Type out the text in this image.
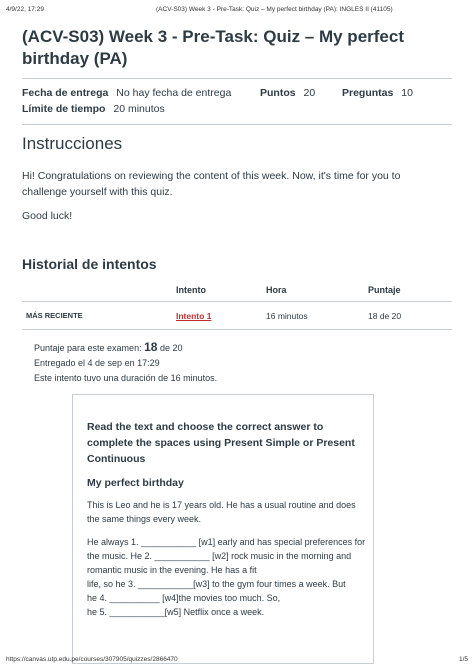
4/9/22, 17:29	(ACV-S03) Week 3 - Pre-Task: Quiz – My perfect birthday (PA): INGLES II (41105)
(ACV-S03) Week 3 - Pre-Task: Quiz – My perfect birthday (PA)
Fecha de entrega No hay fecha de entrega	Puntos 20	Preguntas 10
Límite de tiempo 20 minutos
Instrucciones

Hi! Congratulations on reviewing the content of this week. Now, it's time for you to challenge yourself with this quiz.

Good luck!

Historial de intentos
	Intento	Hora	Puntaje
MÁS RECIENTE	Intento 1	16 minutos	18 de 20
Puntaje para este examen: 18 de 20
Entregado el 4 de sep en 17:29
Este intento tuvo una duración de 16 minutos.
Read the text and choose the correct answer to complete the spaces using Present Simple or Present Continuous
My perfect birthday
This is Leo and he is 17 years old. He has a usual routine and does the same things every week.
He always 1. ___________ [w1] early and has special preferences for
the music. He 2. ___________ [w2] rock music in the morning and
romantic music in the evening. He has a fit
life, so he 3. ___________[w3] to the gym four times a week. But
he 4. __________ [w4]the movies too much. So,
he 5. ___________[w5] Netflix once a week.
https://canvas.utp.edu.pe/courses/307905/quizzes/2866470	1/5
